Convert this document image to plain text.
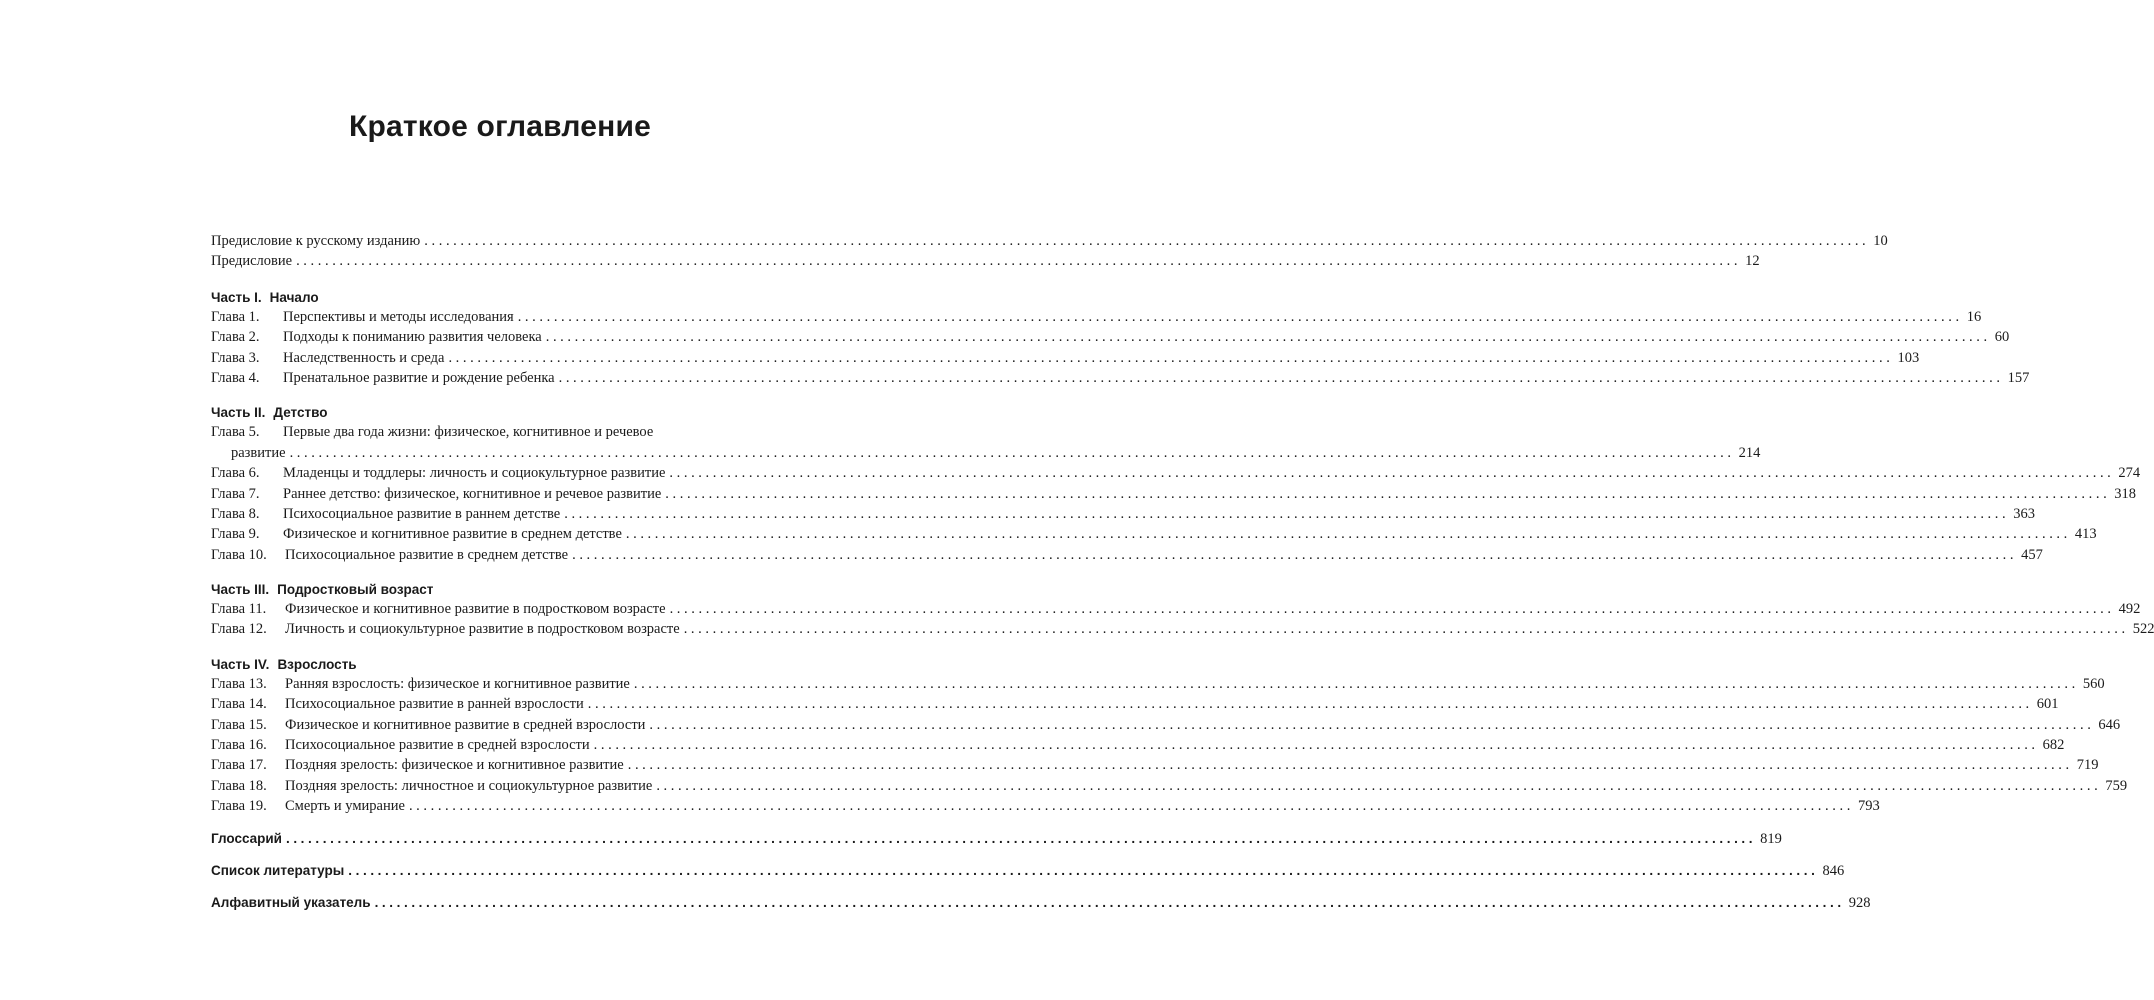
Краткое оглавление
Предисловие к русскому изданию ........................................................................................................................................................................................................ 10
Предисловие ........................................................................................................................................................................................................ 12
Часть I. Начало
Глава 1. Перспективы и методы исследования ........................................................................................................................................................................................................ 16
Глава 2. Подходы к пониманию развития человека ........................................................................................................................................................................................................ 60
Глава 3. Наследственность и среда ........................................................................................................................................................................................................ 103
Глава 4. Пренатальное развитие и рождение ребенка ........................................................................................................................................................................................................ 157
Часть II. Детство
Глава 5. Первые два года жизни: физическое, когнитивное и речевое
развитие ........................................................................................................................................................................................................ 214
Глава 6. Младенцы и тоддлеры: личность и социокультурное развитие ........................................................................................................................................................................................................ 274
Глава 7. Раннее детство: физическое, когнитивное и речевое развитие ........................................................................................................................................................................................................ 318
Глава 8. Психосоциальное развитие в раннем детстве ........................................................................................................................................................................................................ 363
Глава 9. Физическое и когнитивное развитие в среднем детстве ........................................................................................................................................................................................................ 413
Глава 10. Психосоциальное развитие в среднем детстве ........................................................................................................................................................................................................ 457
Часть III. Подростковый возраст
Глава 11. Физическое и когнитивное развитие в подростковом возрасте ........................................................................................................................................................................................................ 492
Глава 12. Личность и социокультурное развитие в подростковом возрасте ........................................................................................................................................................................................................ 522
Часть IV. Взрослость
Глава 13. Ранняя взрослость: физическое и когнитивное развитие ........................................................................................................................................................................................................ 560
Глава 14. Психосоциальное развитие в ранней взрослости ........................................................................................................................................................................................................ 601
Глава 15. Физическое и когнитивное развитие в средней взрослости ........................................................................................................................................................................................................ 646
Глава 16. Психосоциальное развитие в средней взрослости ........................................................................................................................................................................................................ 682
Глава 17. Поздняя зрелость: физическое и когнитивное развитие ........................................................................................................................................................................................................ 719
Глава 18. Поздняя зрелость: личностное и социокультурное развитие ........................................................................................................................................................................................................ 759
Глава 19. Смерть и умирание ........................................................................................................................................................................................................ 793
Глоссарий ........................................................................................................................................................................................................ 819
Список литературы ........................................................................................................................................................................................................ 846
Алфавитный указатель ........................................................................................................................................................................................................ 928
